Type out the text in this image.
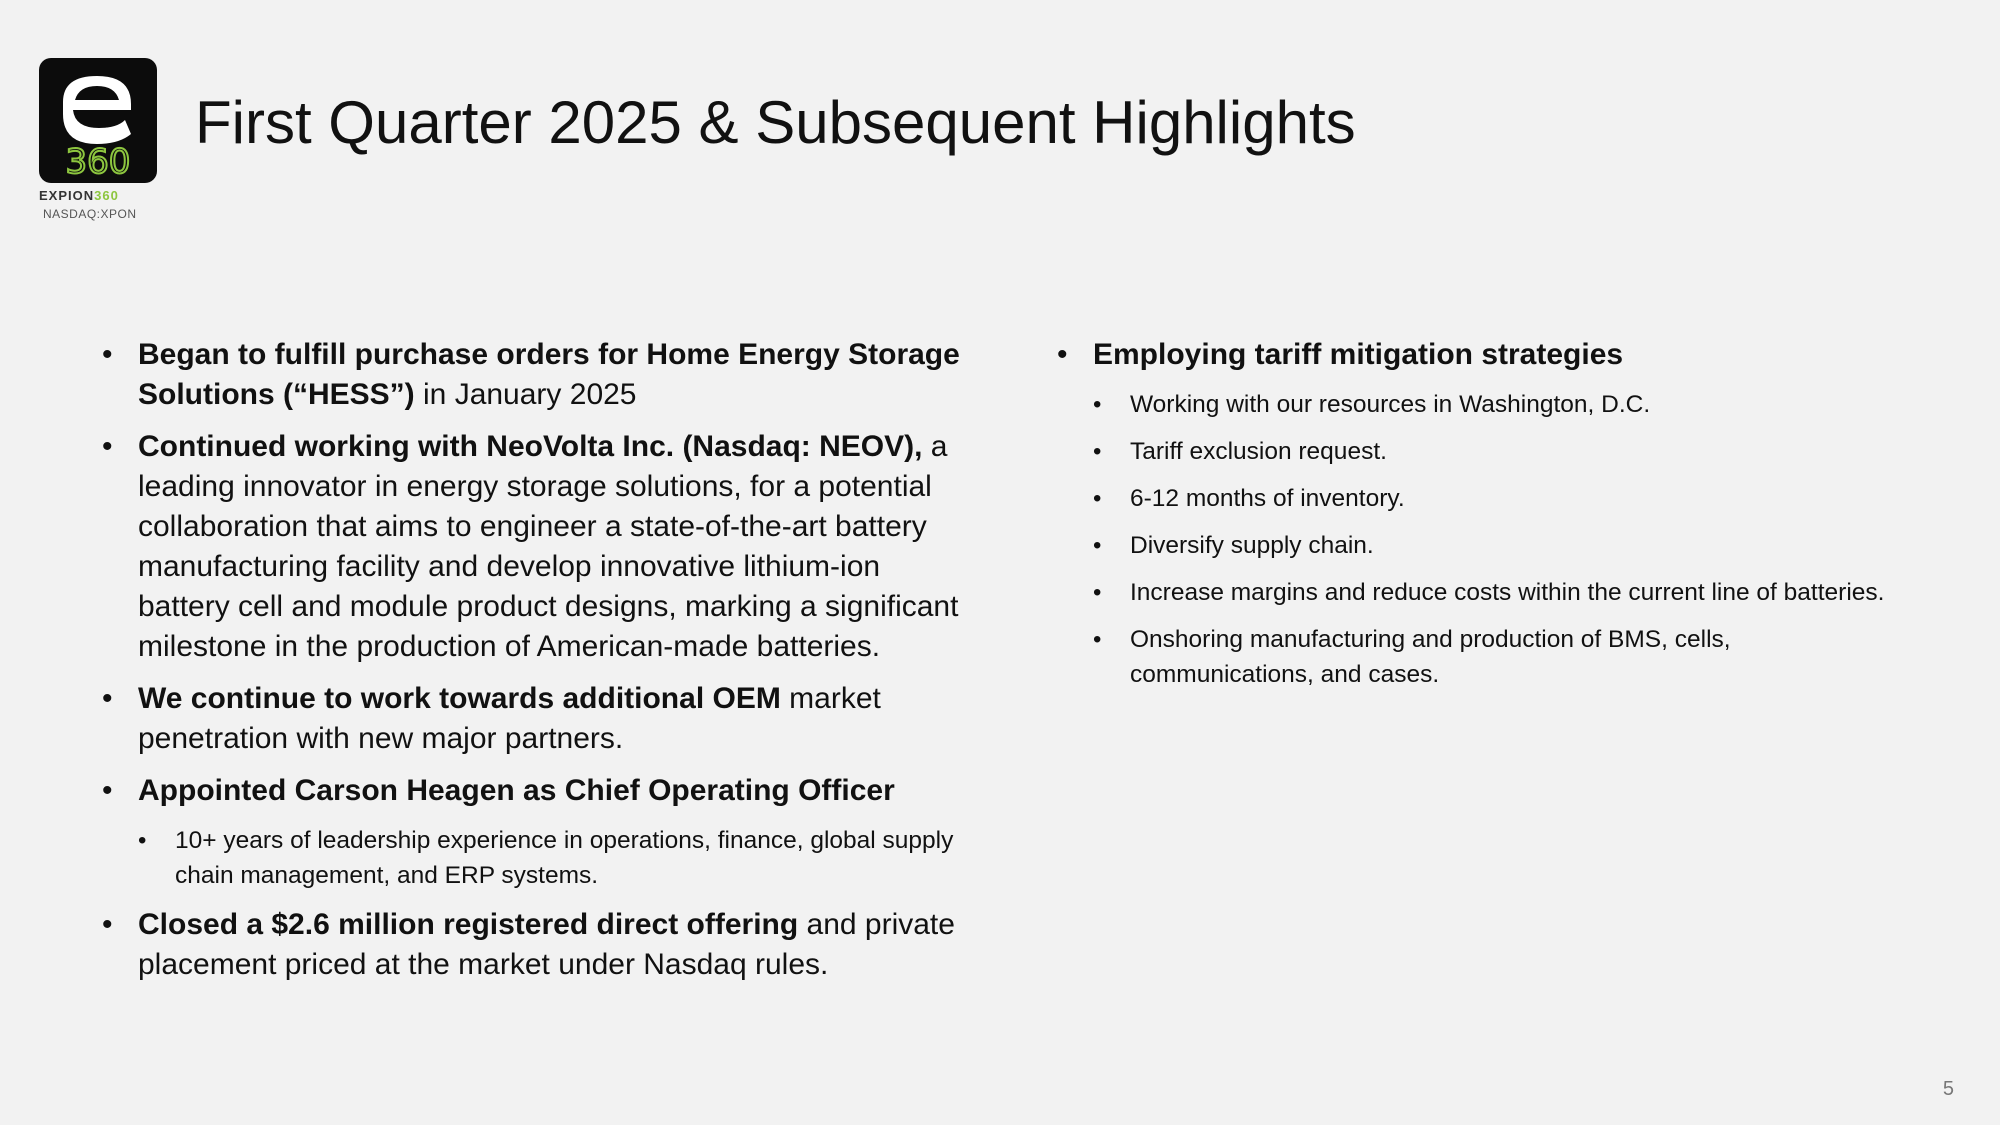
360
EXPION360
NASDAQ:XPON
First Quarter 2025 & Subsequent Highlights
• Began to fulfill purchase orders for Home Energy Storage Solutions (“HESS”) in January 2025
• Continued working with NeoVolta Inc. (Nasdaq: NEOV), a leading innovator in energy storage solutions, for a potential collaboration that aims to engineer a state-of-the-art battery manufacturing facility and develop innovative lithium-ion battery cell and module product designs, marking a significant milestone in the production of American-made batteries.
• We continue to work towards additional OEM market penetration with new major partners.
• Appointed Carson Heagen as Chief Operating Officer
• 10+ years of leadership experience in operations, finance, global supply chain management, and ERP systems.
• Closed a $2.6 million registered direct offering and private placement priced at the market under Nasdaq rules.
• Employing tariff mitigation strategies
• Working with our resources in Washington, D.C.
• Tariff exclusion request.
• 6-12 months of inventory.
• Diversify supply chain.
• Increase margins and reduce costs within the current line of batteries.
• Onshoring manufacturing and production of BMS, cells, communications, and cases.
5
